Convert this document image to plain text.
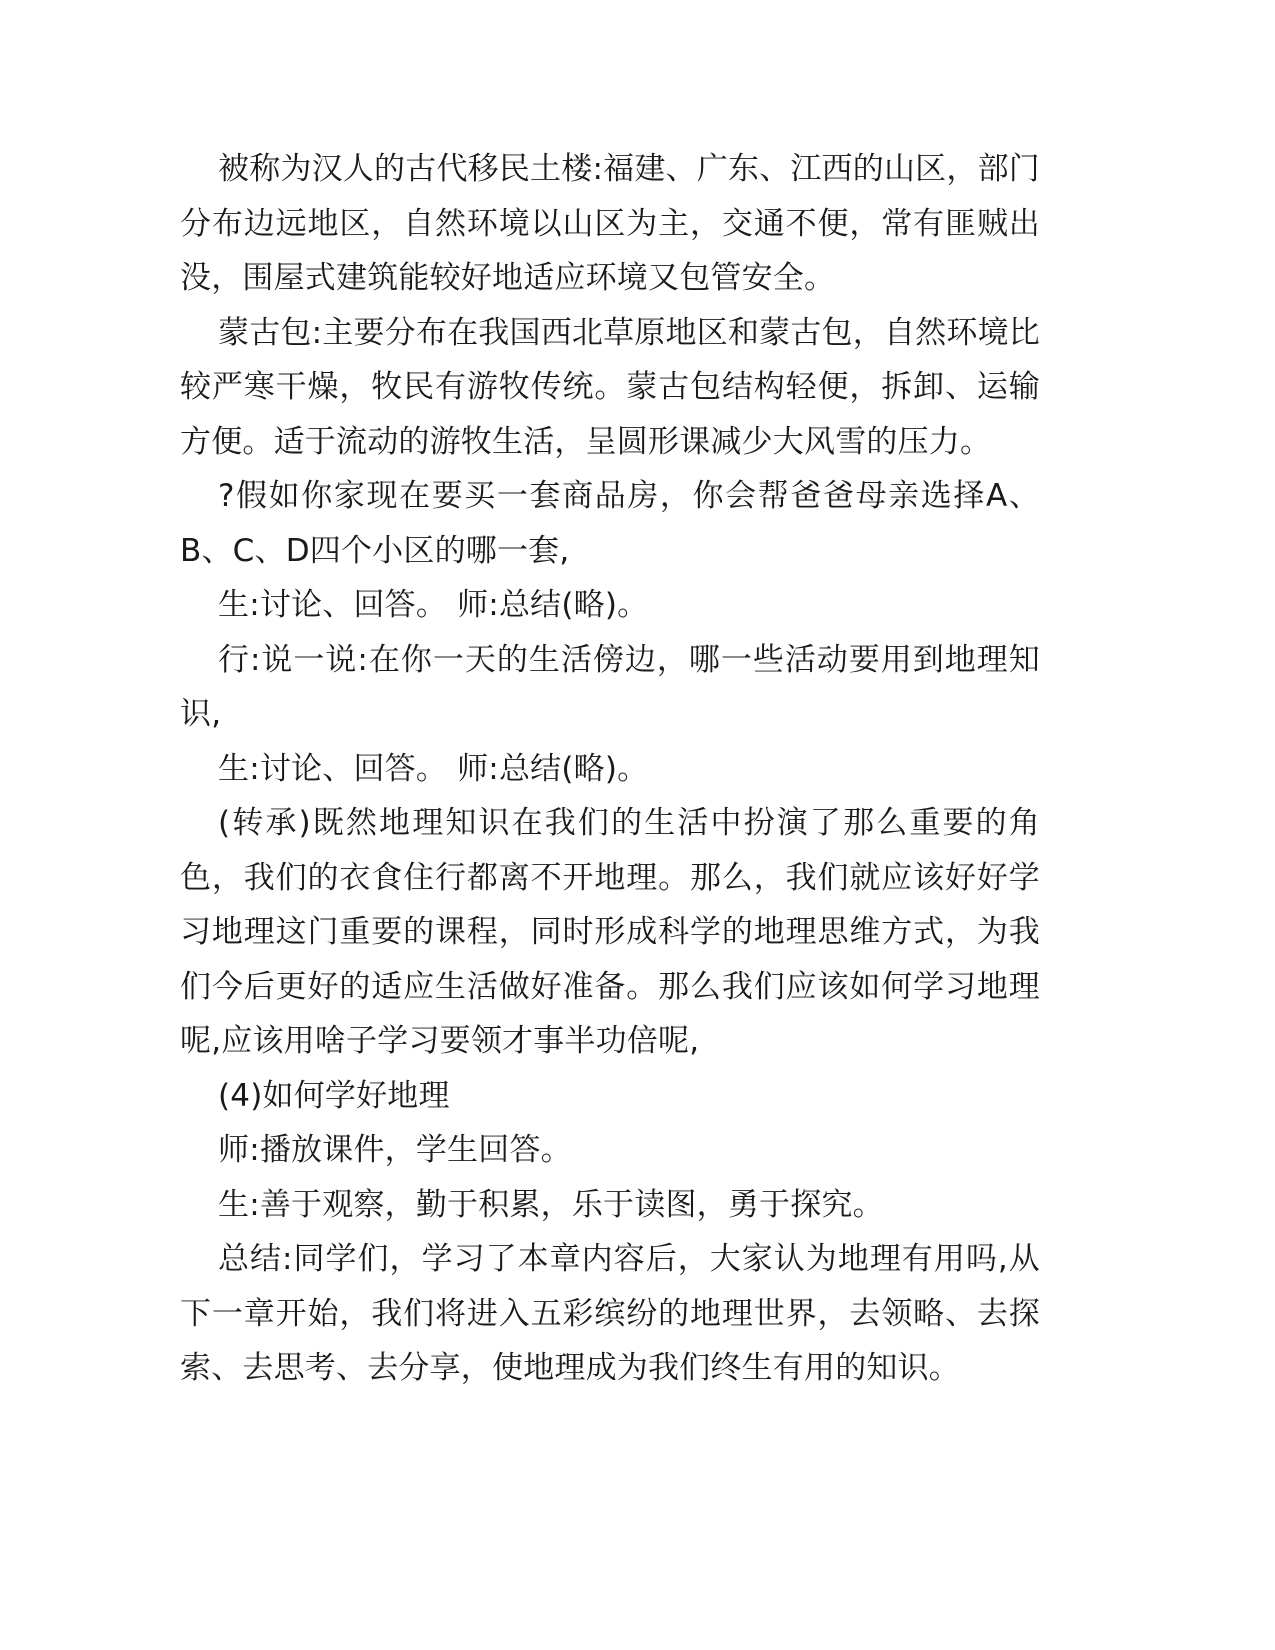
被称为汉人的古代移民土楼:福建、广东、江西的山区，部门分布边远地区，自然环境以山区为主，交通不便，常有匪贼出没，围屋式建筑能较好地适应环境又包管安全。

蒙古包:主要分布在我国西北草原地区和蒙古包，自然环境比较严寒干燥，牧民有游牧传统。蒙古包结构轻便，拆卸、运输方便。适于流动的游牧生活，呈圆形课减少大风雪的压力。

?假如你家现在要买一套商品房，你会帮爸爸母亲选择A、B、C、D四个小区的哪一套,

生:讨论、回答。 师:总结(略)。

行:说一说:在你一天的生活傍边，哪一些活动要用到地理知识,

生:讨论、回答。 师:总结(略)。

(转承)既然地理知识在我们的生活中扮演了那么重要的角色，我们的衣食住行都离不开地理。那么，我们就应该好好学习地理这门重要的课程，同时形成科学的地理思维方式，为我们今后更好的适应生活做好准备。那么我们应该如何学习地理呢,应该用啥子学习要领才事半功倍呢,

(4)如何学好地理

师:播放课件，学生回答。

生:善于观察，勤于积累，乐于读图，勇于探究。

总结:同学们，学习了本章内容后，大家认为地理有用吗,从下一章开始，我们将进入五彩缤纷的地理世界，去领略、去探索、去思考、去分享，使地理成为我们终生有用的知识。
